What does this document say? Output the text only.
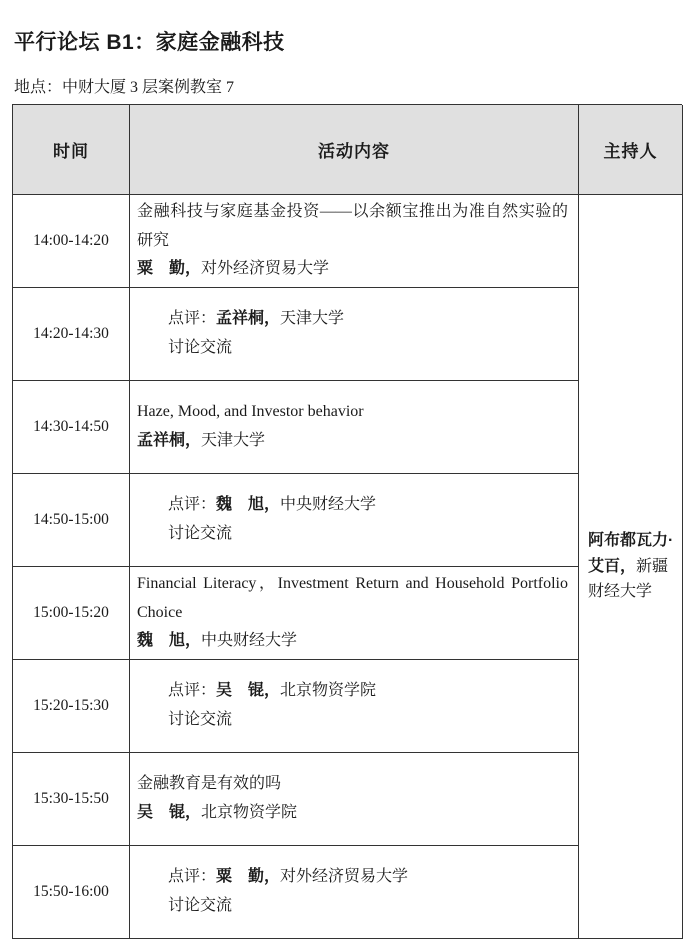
平行论坛 B1：家庭金融科技
地点：中财大厦 3 层案例教室 7
时间	活动内容	主持人
阿布都瓦力·艾百，新疆财经大学
14:00-14:20
金融科技与家庭基金投资——以余额宝推出为准自然实验的研究
粟　勤，对外经济贸易大学
14:20-14:30
点评：孟祥桐，天津大学
讨论交流
14:30-14:50
Haze, Mood, and Investor behavior
孟祥桐，天津大学
14:50-15:00
点评：魏　旭，中央财经大学
讨论交流
15:00-15:20
Financial Literacy，Investment Return and Household Portfolio Choice
魏　旭，中央财经大学
15:20-15:30
点评：吴　锟，北京物资学院
讨论交流
15:30-15:50
金融教育是有效的吗
吴　锟，北京物资学院
15:50-16:00
点评：粟　勤，对外经济贸易大学
讨论交流
